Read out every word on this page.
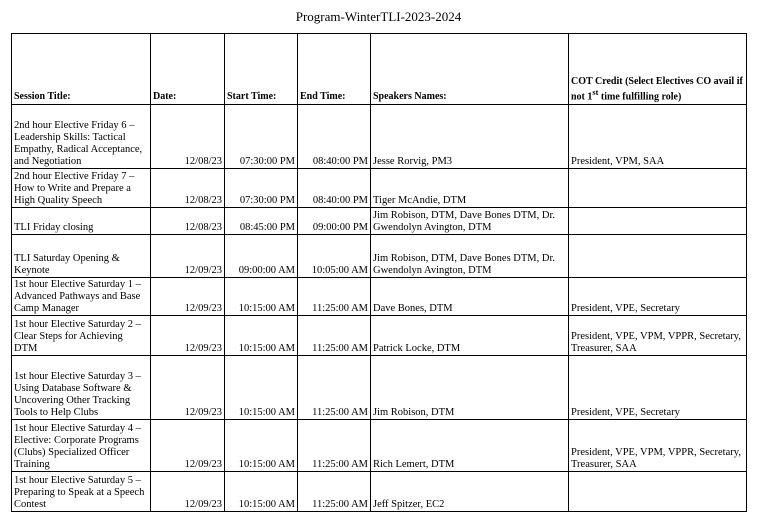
Program-WinterTLI-2023-2024
Session Title:	Date:	Start Time:	End Time:	Speakers Names:	COT Credit (Select Electives CO avail if not 1st time fulfilling role)
2nd hour Elective Friday 6 – Leadership Skills: Tactical Empathy, Radical Acceptance, and Negotiation	12/08/23	07:30:00 PM	08:40:00 PM	Jesse Rorvig, PM3	President, VPM, SAA
2nd hour Elective Friday 7 – How to Write and Prepare a High Quality Speech	12/08/23	07:30:00 PM	08:40:00 PM	Tiger McAndie, DTM	
TLI Friday closing	12/08/23	08:45:00 PM	09:00:00 PM	Jim Robison, DTM, Dave Bones DTM, Dr. Gwendolyn Avington, DTM	
TLI Saturday Opening & Keynote	12/09/23	09:00:00 AM	10:05:00 AM	Jim Robison, DTM, Dave Bones DTM, Dr. Gwendolyn Avington, DTM	
1st hour Elective Saturday 1 – Advanced Pathways and Base Camp Manager	12/09/23	10:15:00 AM	11:25:00 AM	Dave Bones, DTM	President, VPE, Secretary
1st hour Elective Saturday 2 – Clear Steps for Achieving DTM	12/09/23	10:15:00 AM	11:25:00 AM	Patrick Locke, DTM	President, VPE, VPM, VPPR, Secretary, Treasurer, SAA
1st hour Elective Saturday 3 – Using Database Software & Uncovering Other Tracking Tools to Help Clubs	12/09/23	10:15:00 AM	11:25:00 AM	Jim Robison, DTM	President, VPE, Secretary
1st hour Elective Saturday 4 – Elective: Corporate Programs (Clubs) Specialized Officer Training	12/09/23	10:15:00 AM	11:25:00 AM	Rich Lemert, DTM	President, VPE, VPM, VPPR, Secretary, Treasurer, SAA
1st hour Elective Saturday 5 – Preparing to Speak at a Speech Contest	12/09/23	10:15:00 AM	11:25:00 AM	Jeff Spitzer, EC2	
